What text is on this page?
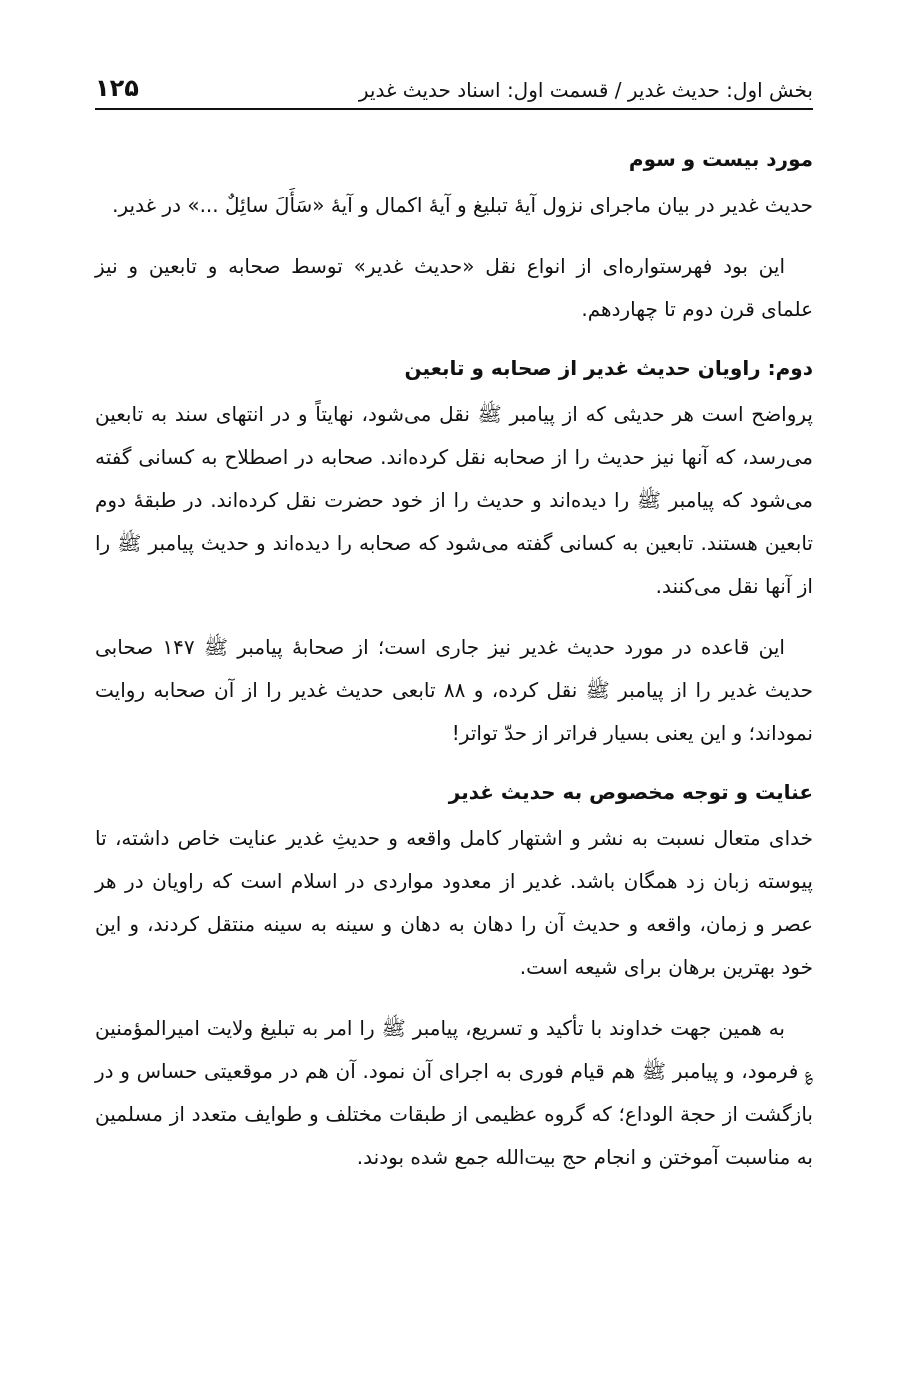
بخش اول: حدیث غدیر / قسمت اول: اسناد حدیث غدیر
۱۲۵
مورد بیست و سوم

حدیث غدیر در بیان ماجرای نزول آیۀ تبلیغ و آیۀ اکمال و آیۀ «سَأَلَ سائِلٌ ...» در غدیر.

این بود فهرستواره‌ای از انواع نقل «حدیث غدیر» توسط صحابه و تابعین و نیز علمای قرن دوم تا چهاردهم.

دوم: راویان حدیث غدیر از صحابه و تابعین

پرواضح است هر حدیثی که از پیامبر ﷺ نقل می‌شود، نهایتاً و در انتهای سند به تابعین می‌رسد، که آنها نیز حدیث را از صحابه نقل کرده‌اند. صحابه در اصطلاح به کسانی گفته می‌شود که پیامبر ﷺ را دیده‌اند و حدیث را از خود حضرت نقل کرده‌اند. در طبقۀ دوم تابعین هستند. تابعین به کسانی گفته می‌شود که صحابه را دیده‌اند و حدیث پیامبر ﷺ را از آنها نقل می‌کنند.

این قاعده در مورد حدیث غدیر نیز جاری است؛ از صحابۀ پیامبر ﷺ ۱۴۷ صحابی حدیث غدیر را از پیامبر ﷺ نقل کرده، و ۸۸ تابعی حدیث غدیر را از آن صحابه روایت نموداند؛ و این یعنی بسیار فراتر از حدّ تواتر!

عنایت و توجه مخصوص به حدیث غدیر

خدای متعال نسبت به نشر و اشتهار کامل واقعه و حدیثِ غدیر عنایت خاص داشته، تا پیوسته زبان زد همگان باشد. غدیر از معدود مواردی در اسلام است که راویان در هر عصر و زمان، واقعه و حدیث آن را دهان به دهان و سینه به سینه منتقل کردند، و این خود بهترین برهان برای شیعه است.

به همین جهت خداوند با تأکید و تسریع، پیامبر ﷺ را امر به تبلیغ ولایت امیرالمؤمنین ؏ فرمود، و پیامبر ﷺ هم قیام فوری به اجرای آن نمود. آن هم در موقعیتی حساس و در بازگشت از حجة الوداع؛ که گروه عظیمی از طبقات مختلف و طوایف متعدد از مسلمین به مناسبت آموختن و انجام حج بیت‌الله جمع شده بودند.
